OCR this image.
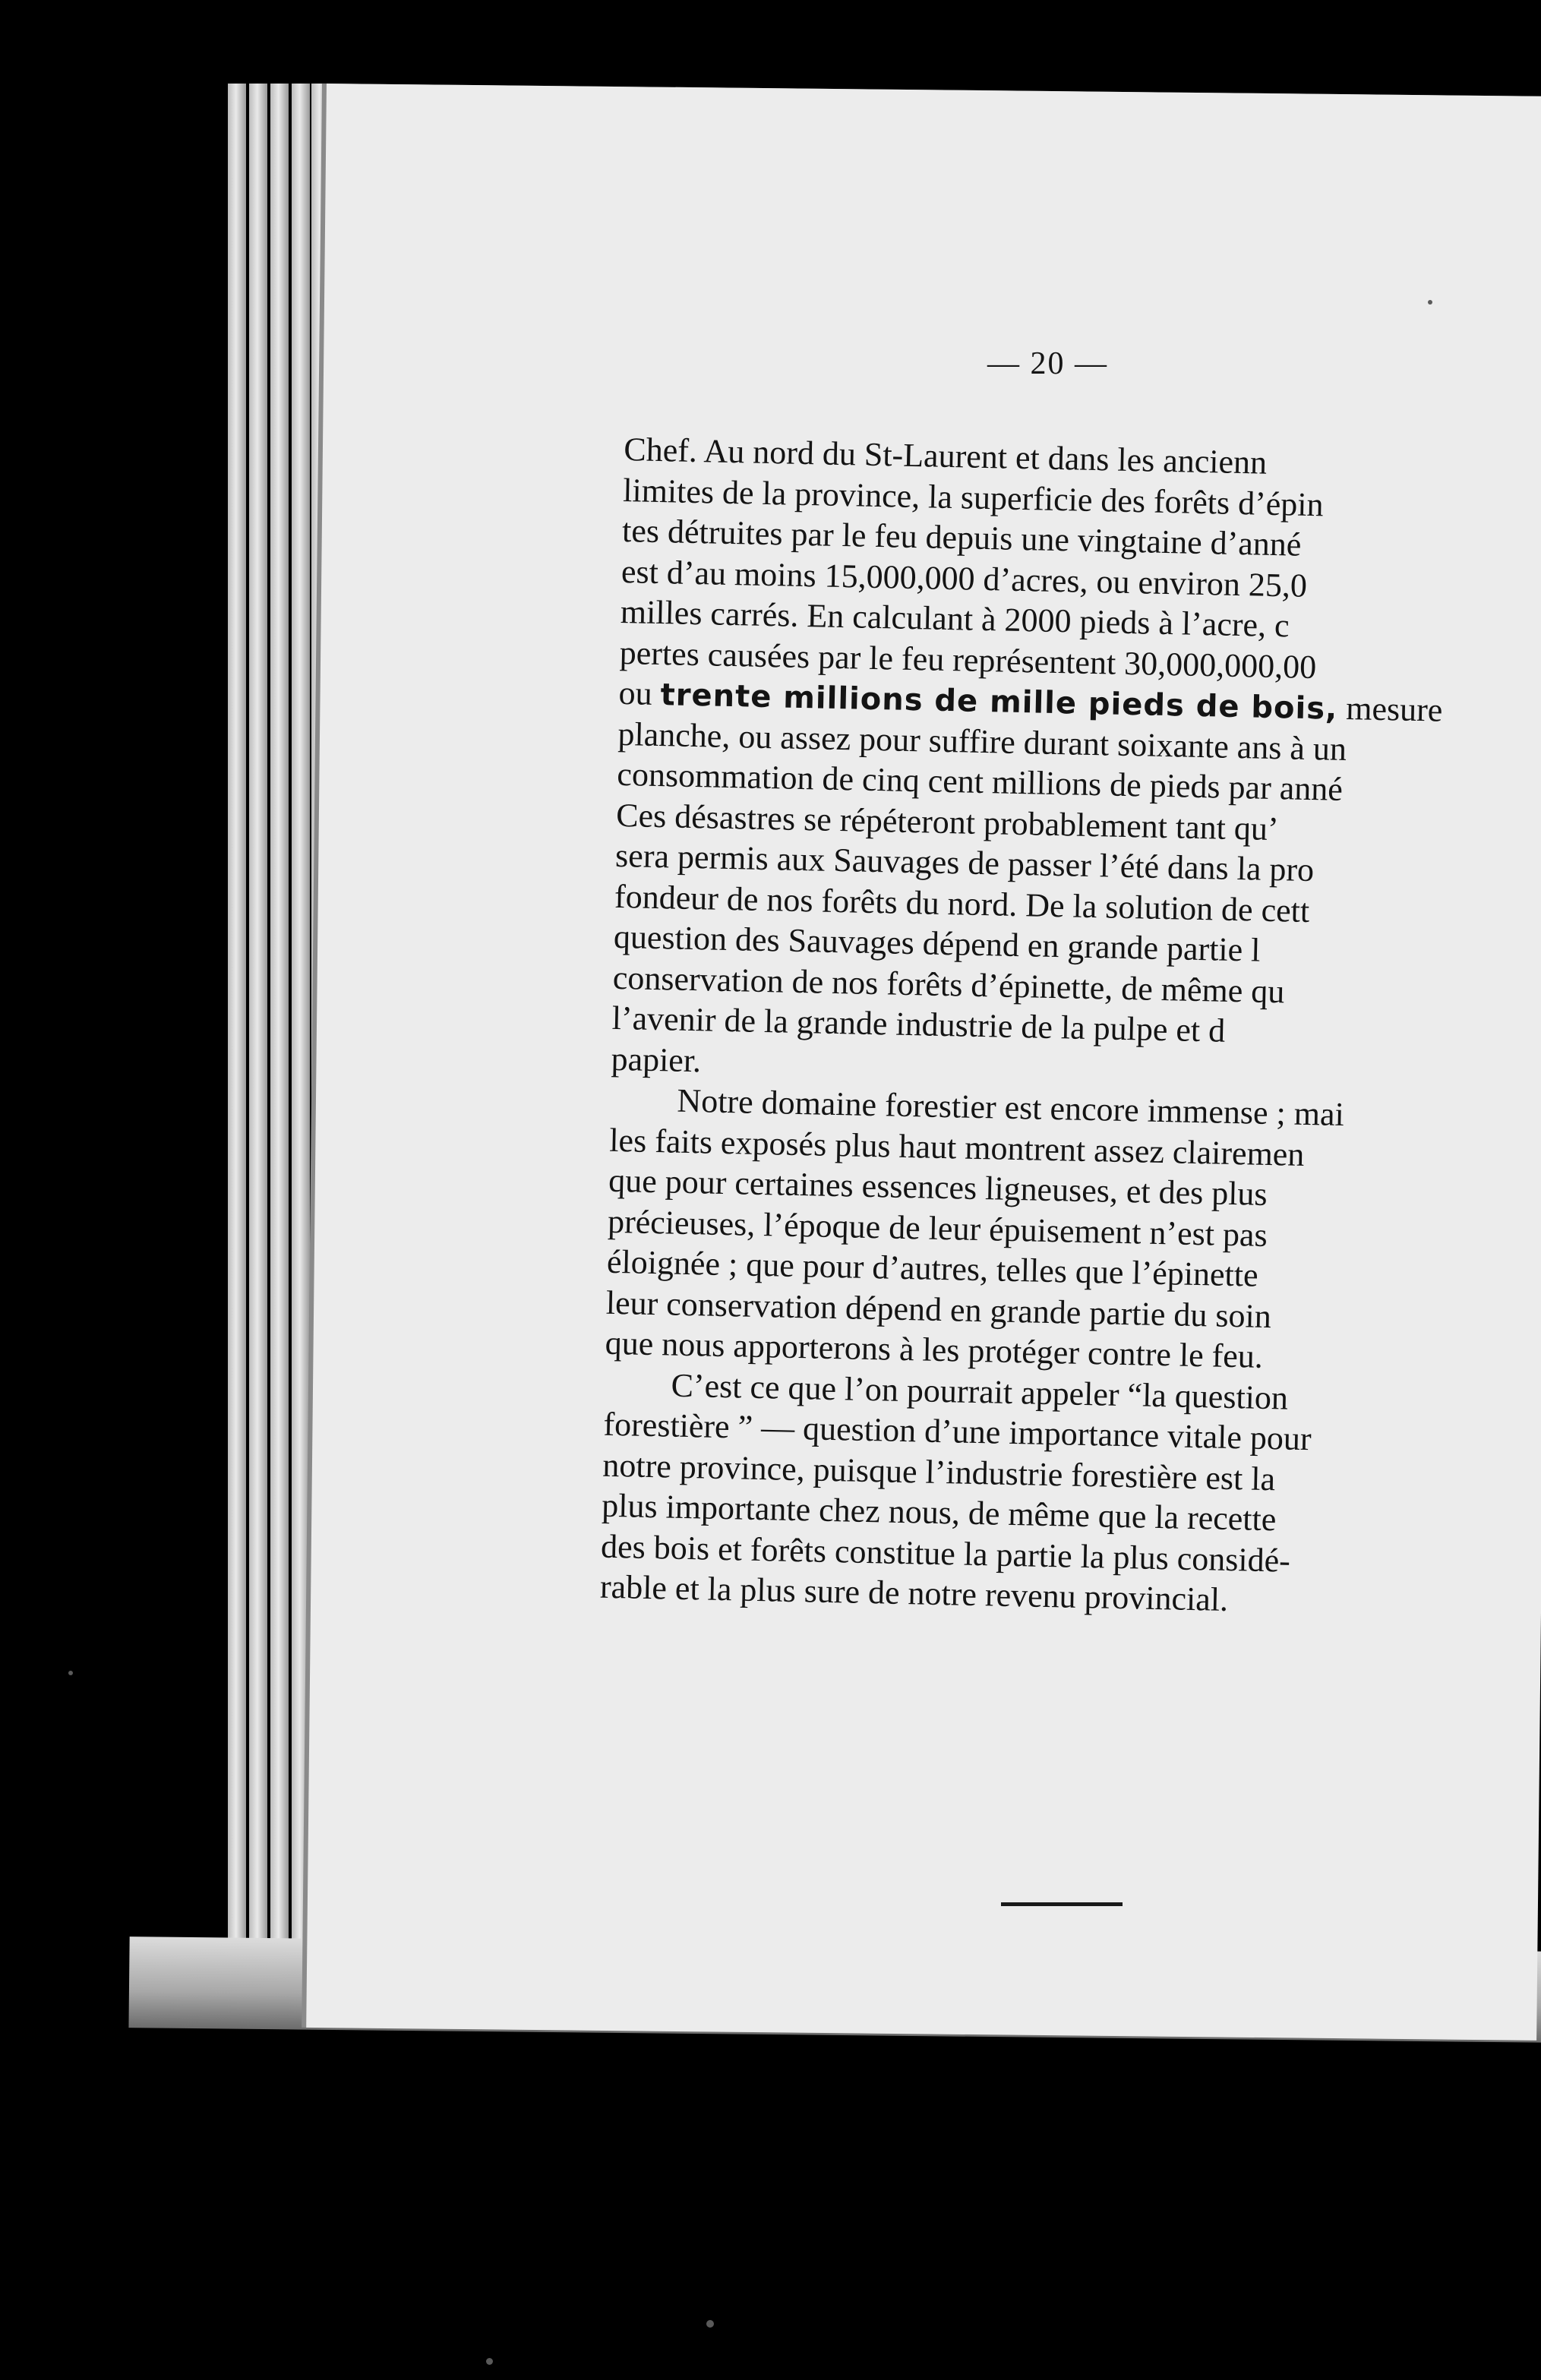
— 20 —
Chef. Au nord du St-Laurent et dans les ancienn
limites de la province, la superficie des forêts d’épin
tes détruites par le feu depuis une vingtaine d’anné
est d’au moins 15,000,000 d’acres, ou environ 25,0
milles carrés. En calculant à 2000 pieds à l’acre, c
pertes causées par le feu représentent 30,000,000,00
ou trente millions de mille pieds de bois, mesure
planche, ou assez pour suffire durant soixante ans à un
consommation de cinq cent millions de pieds par anné
Ces désastres se répéteront probablement tant qu’
sera permis aux Sauvages de passer l’été dans la pro
fondeur de nos forêts du nord. De la solution de cett
question des Sauvages dépend en grande partie l
conservation de nos forêts d’épinette, de même qu
l’avenir de la grande industrie de la pulpe et d
papier.
Notre domaine forestier est encore immense ; mai
les faits exposés plus haut montrent assez clairemen
que pour certaines essences ligneuses, et des plus
précieuses, l’époque de leur épuisement n’est pas
éloignée ; que pour d’autres, telles que l’épinette
leur conservation dépend en grande partie du soin
que nous apporterons à les protéger contre le feu.
C’est ce que l’on pourrait appeler “la question
forestière ” — question d’une importance vitale pour
notre province, puisque l’industrie forestière est la
plus importante chez nous, de même que la recette
des bois et forêts constitue la partie la plus considé-
rable et la plus sure de notre revenu provincial.
